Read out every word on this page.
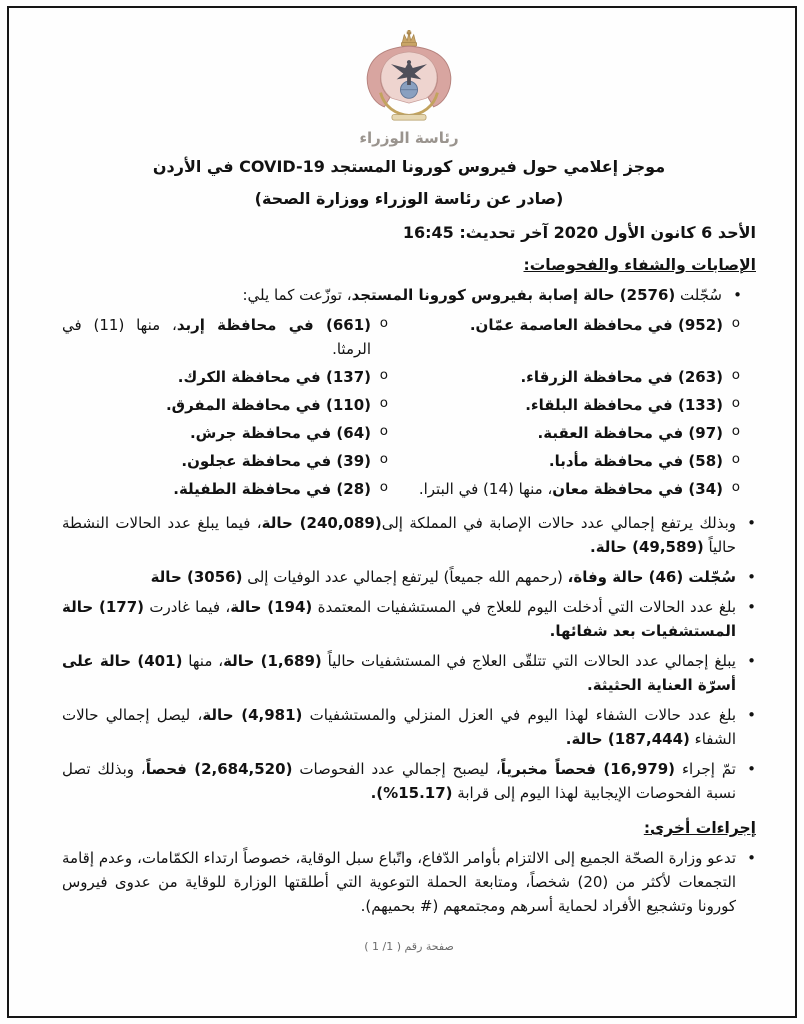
رئاسة الوزراء
موجز إعلامي حول فيروس كورونا المستجد COVID-19 في الأردن
(صادر عن رئاسة الوزراء ووزارة الصحة)
الأحد 6 كانون الأول 2020 آخر تحديث: 16:45
الإصابات والشفاء والفحوصات:
•
سُجّلت (2576) حالة إصابة بفيروس كورونا المستجد، توزّعت كما يلي:
o
(952) في محافظة العاصمة عمّان.
o
(661) في محافظة إربد، منها (11) في الرمثا.
o
(263) في محافظة الزرقاء.
o
(137) في محافظة الكرك.
o
(133) في محافظة البلقاء.
o
(110) في محافظة المفرق.
o
(97) في محافظة العقبة.
o
(64) في محافظة جرش.
o
(58) في محافظة مأدبا.
o
(39) في محافظة عجلون.
o
(34) في محافظة معان، منها (14) في البترا.
o
(28) في محافظة الطفيلة.
•
وبذلك يرتفع إجمالي عدد حالات الإصابة في المملكة إلى(240,089) حالة، فيما يبلغ عدد الحالات النشطة حالياً (49,589) حالة.
•
سُجّلت (46) حالة وفاة، (رحمهم الله جميعاً) ليرتفع إجمالي عدد الوفيات إلى (3056) حالة
•
بلغ عدد الحالات التي أدخلت اليوم للعلاج في المستشفيات المعتمدة (194) حالة، فيما غادرت (177) حالة المستشفيات بعد شفائها.
•
يبلغ إجمالي عدد الحالات التي تتلقّى العلاج في المستشفيات حالياً (1,689) حالة، منها (401) حالة على أسرّة العناية الحثيثة.
•
بلغ عدد حالات الشفاء لهذا اليوم في العزل المنزلي والمستشفيات (4,981) حالة، ليصل إجمالي حالات الشفاء (187,444) حالة.
•
تمّ إجراء (16,979) فحصاً مخبرياً، ليصبح إجمالي عدد الفحوصات (2,684,520) فحصاً، وبذلك تصل نسبة الفحوصات الإيجابية لهذا اليوم إلى قرابة (15.17%).
إجراءات أخرى:
•
تدعو وزارة الصحّة الجميع إلى الالتزام بأوامر الدّفاع، واتّباع سبل الوقاية، خصوصاً ارتداء الكمّامات، وعدم إقامة التجمعات لأكثر من (20) شخصاً، ومتابعة الحملة التوعوية التي أطلقتها الوزارة للوقاية من عدوى فيروس كورونا وتشجيع الأفراد لحماية أسرهم ومجتمعهم (# بحميهم).
صفحة رقم ( 1/ 1 )
